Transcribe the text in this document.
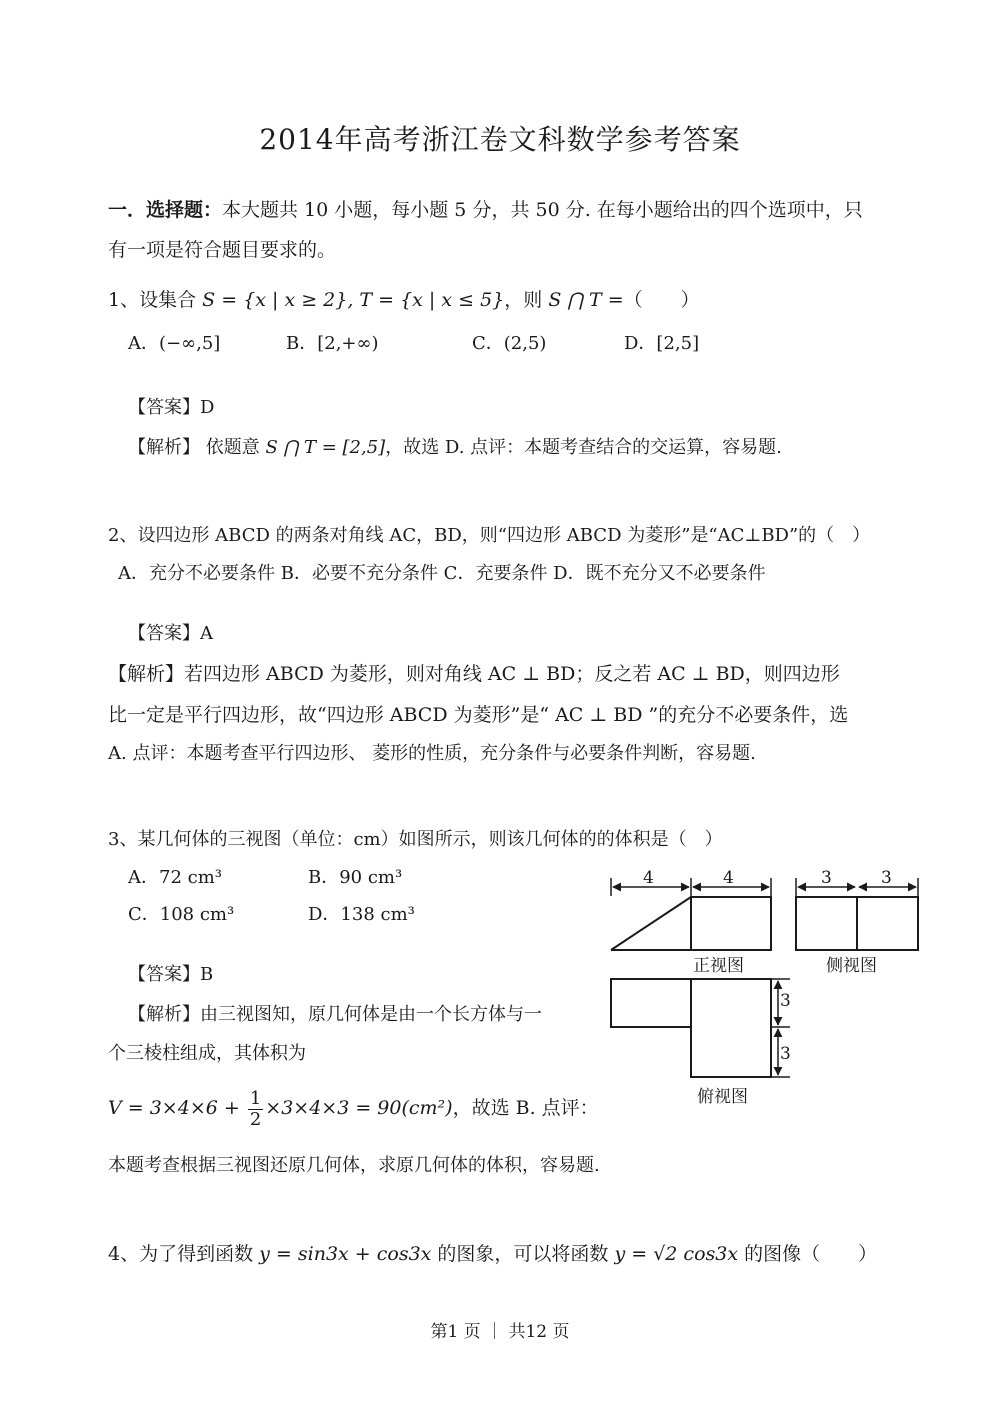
2014年高考浙江卷文科数学参考答案
一．选择题：本大题共 10 小题，每小题 5 分，共 50 分. 在每小题给出的四个选项中，只
有一项是符合题目要求的。
1、设集合 S = {x | x ≥ 2}, T = {x | x ≤ 5}，则 S ⋂ T =（　　）
A．(−∞,5]	B．[2,+∞)	C．(2,5)	D．[2,5]
【答案】D
【解析】 依题意 S ⋂ T = [2,5]，故选 D. 点评：本题考查结合的交运算，容易题.
2、设四边形 ABCD 的两条对角线 AC，BD，则“四边形 ABCD 为菱形”是“AC⊥BD”的（　）
A．充分不必要条件 B．必要不充分条件 C．充要条件 D．既不充分又不必要条件
【答案】A
【解析】若四边形 ABCD 为菱形，则对角线 AC ⊥ BD；反之若 AC ⊥ BD，则四边形
比一定是平行四边形，故“四边形 ABCD 为菱形”是“ AC ⊥ BD ”的充分不必要条件，选
A. 点评：本题考查平行四边形、 菱形的性质，充分条件与必要条件判断，容易题.
3、某几何体的三视图（单位：cm）如图所示，则该几何体的的体积是（　）
A．72 cm³	B．90 cm³
C．108 cm³	D．138 cm³
【答案】B
【解析】由三视图知，原几何体是由一个长方体与一
个三棱柱组成，其体积为
$V = 3\times 4\times 6 + \frac{1}{2} \times 3\times 4\times 3 = 90(cm^2)$，故选 B. 点评：
本题考查根据三视图还原几何体，求原几何体的体积，容易题.
4	4	3	3
3
3
正视图	侧视图
俯视图
4、为了得到函数 y = sin3x + cos3x 的图象，可以将函数 y = √2 cos3x 的图像（　　）
第1 页 ｜ 共12 页
